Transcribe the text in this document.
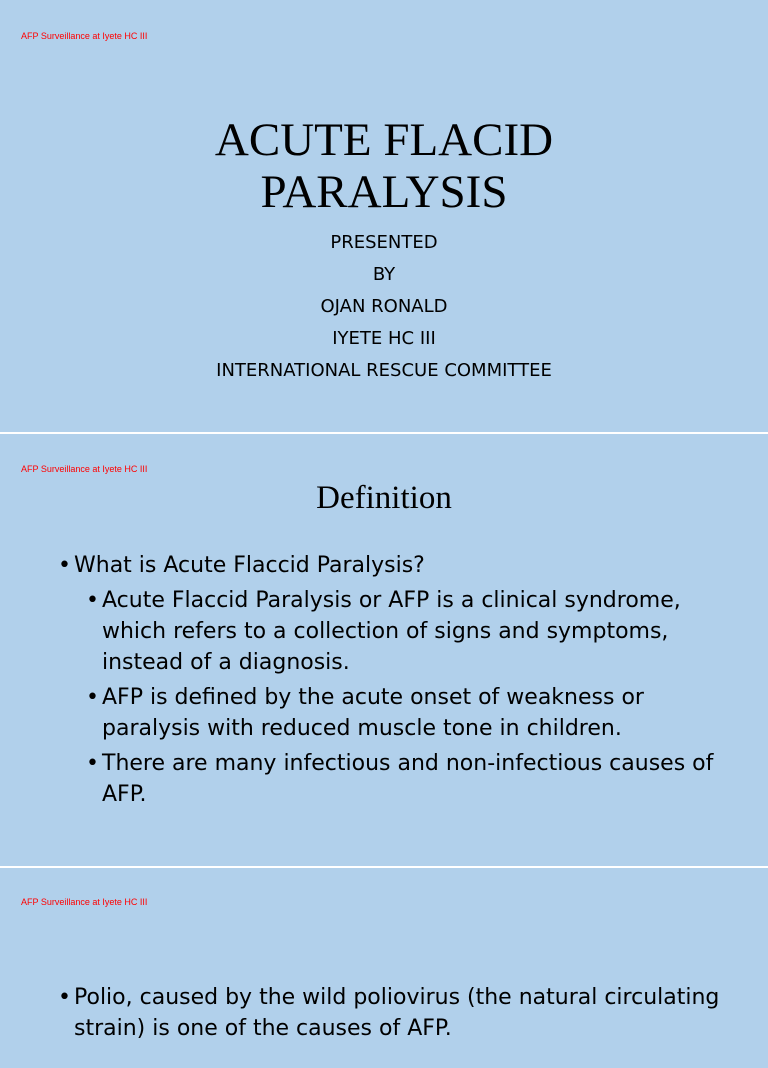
AFP Surveillance at Iyete HC III
ACUTE FLACID
PARALYSIS
PRESENTED
BY
OJAN RONALD
IYETE HC III
INTERNATIONAL RESCUE COMMITTEE
AFP Surveillance at Iyete HC III
Definition
• What is Acute Flaccid Paralysis?
• Acute Flaccid Paralysis or AFP is a clinical syndrome, which refers to a collection of signs and symptoms, instead of a diagnosis.
• AFP is defined by the acute onset of weakness or paralysis with reduced muscle tone in children.
• There are many infectious and non-infectious causes of AFP.
AFP Surveillance at Iyete HC III
• Polio, caused by the wild poliovirus (the natural circulating strain) is one of the causes of AFP.
